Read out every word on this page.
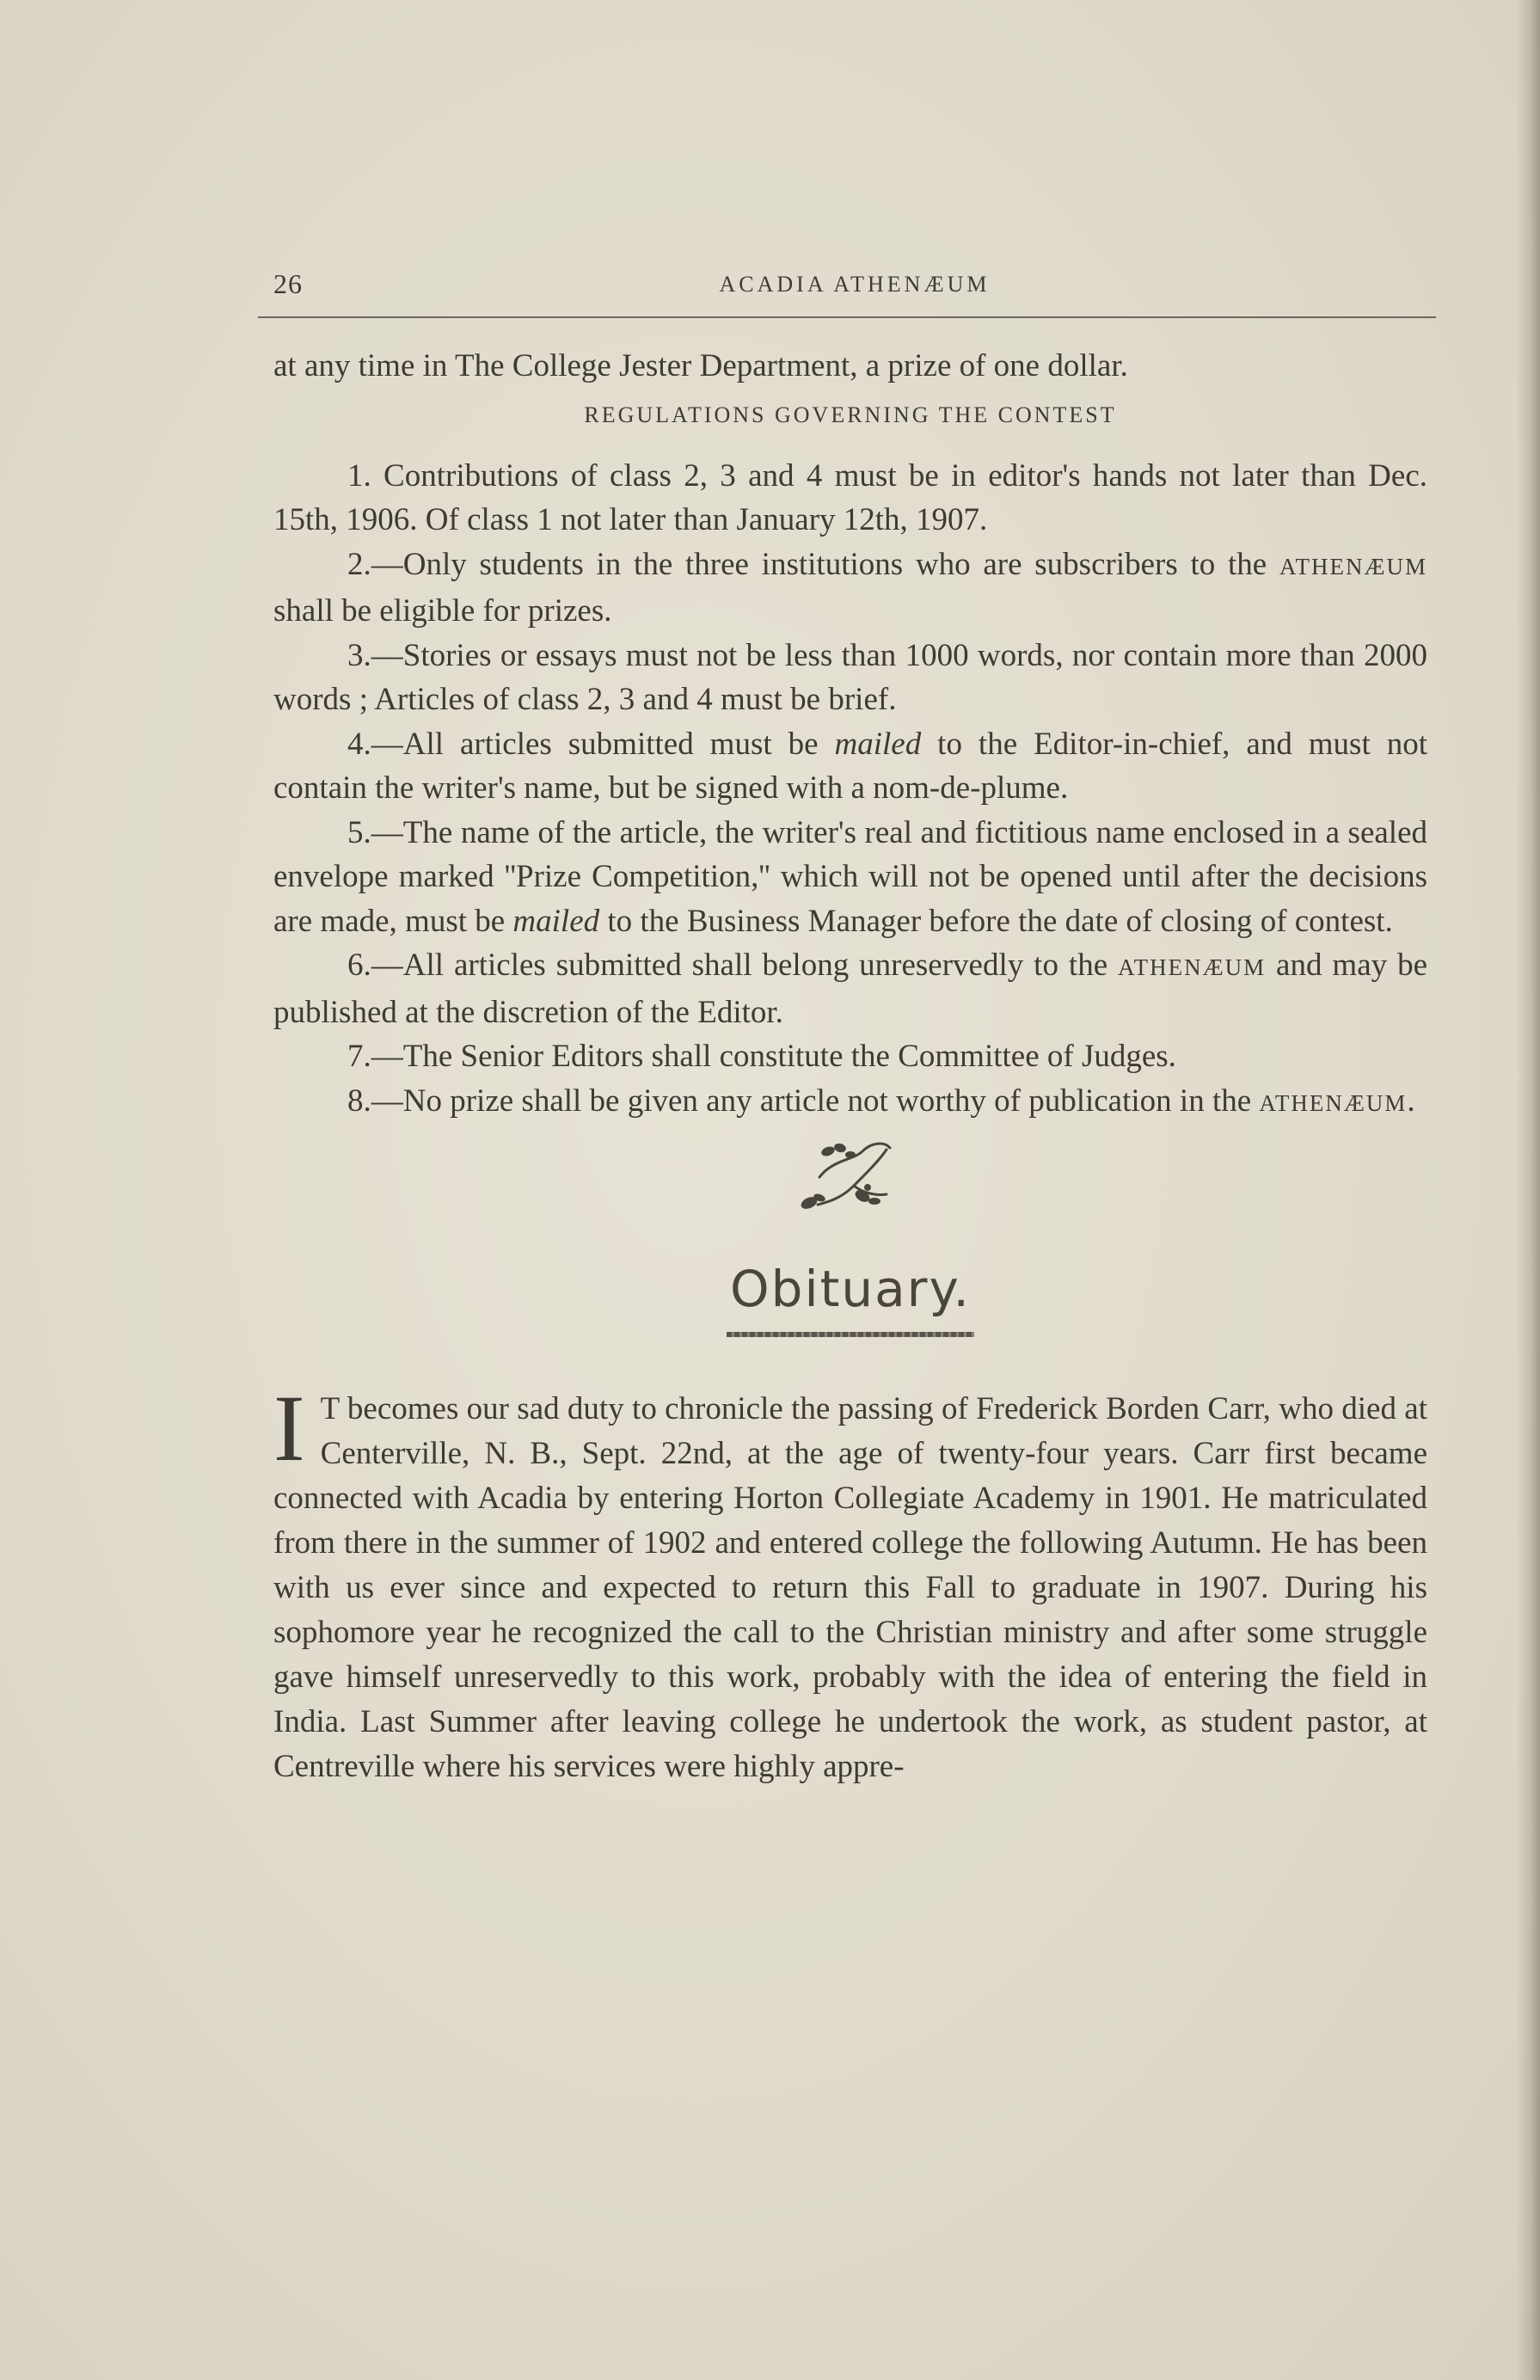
26	ACADIA ATHENÆUM

at any time in The College Jester Department, a prize of one dollar.

REGULATIONS GOVERNING THE CONTEST

1. Contributions of class 2, 3 and 4 must be in editor's hands not later than Dec. 15th, 1906. Of class 1 not later than January 12th, 1907.

2.—Only students in the three institutions who are subscribers to the ATHENÆUM shall be eligible for prizes.

3.—Stories or essays must not be less than 1000 words, nor contain more than 2000 words ; Articles of class 2, 3 and 4 must be brief.

4.—All articles submitted must be mailed to the Editor-in-chief, and must not contain the writer's name, but be signed with a nom-de-plume.

5.—The name of the article, the writer's real and fictitious name enclosed in a sealed envelope marked ''Prize Competition,'' which will not be opened until after the decisions are made, must be mailed to the Business Manager before the date of closing of contest.

6.—All articles submitted shall belong unreservedly to the ATHENÆUM and may be published at the discretion of the Editor.

7.—The Senior Editors shall constitute the Committee of Judges.

8.—No prize shall be given any article not worthy of publication in the ATHENÆUM.

Obituary.
I T becomes our sad duty to chronicle the passing of Frederick Borden Carr, who died at Centerville, N. B., Sept. 22nd, at the age of twenty-four years. Carr first became connected with Acadia by entering Horton Collegiate Academy in 1901. He matriculated from there in the summer of 1902 and entered college the following Autumn. He has been with us ever since and expected to return this Fall to graduate in 1907. During his sophomore year he recognized the call to the Christian ministry and after some struggle gave himself unreservedly to this work, probably with the idea of entering the field in India. Last Summer after leaving college he undertook the work, as student pastor, at Centreville where his services were highly appre-
